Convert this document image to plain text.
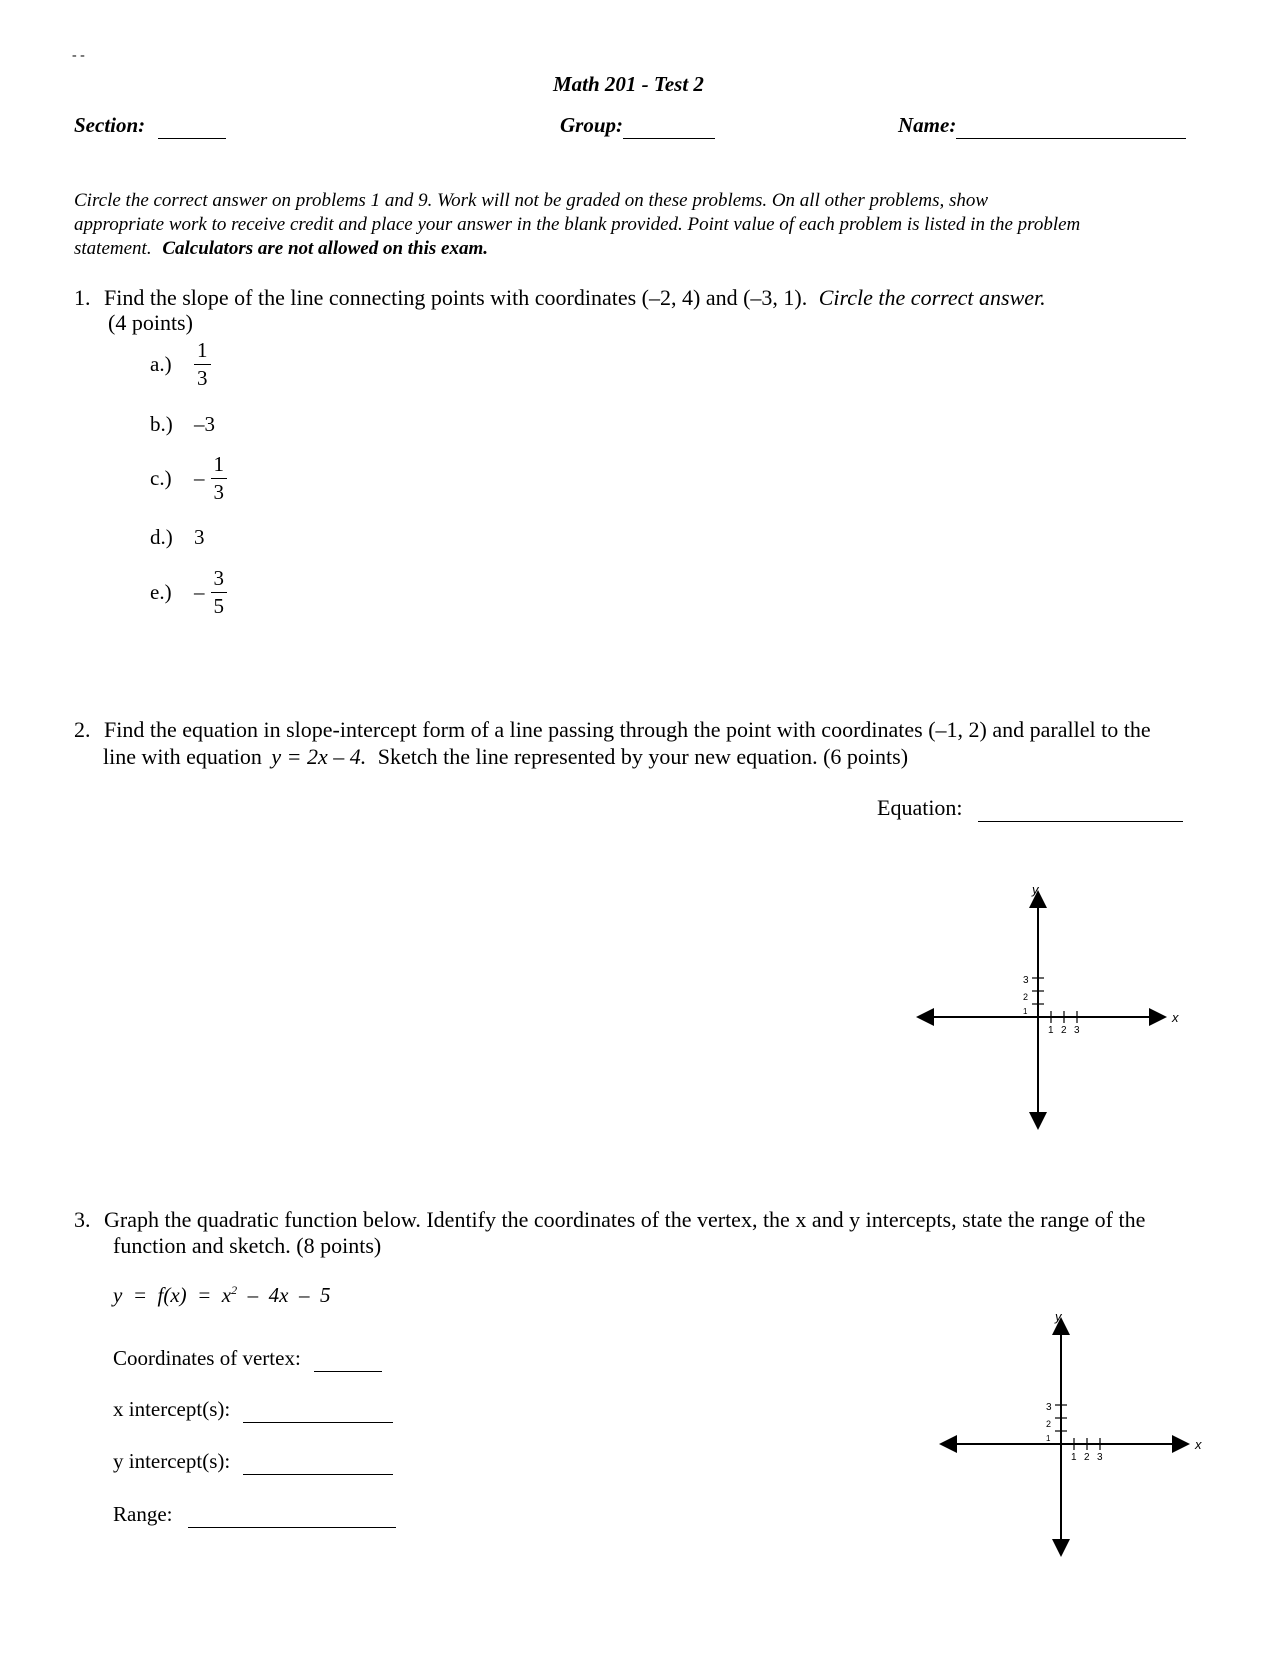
- -
Math 201 - Test 2
Section:	Group:	Name:
Circle the correct answer on problems 1 and 9. Work will not be graded on these problems. On all other problems, show
appropriate work to receive credit and place your answer in the blank provided. Point value of each problem is listed in the problem
statement. Calculators are not allowed on this exam.
1. Find the slope of the line connecting points with coordinates (–2, 4) and (–3, 1). Circle the correct answer.
(4 points)
$a.) \frac{1}{3}$
b.) –3
$c.) - \frac{1}{3}$
d.) 3
$e.) - \frac{3}{5}$
2. Find the equation in slope-intercept form of a line passing through the point with coordinates (–1, 2) and parallel to the
line with equation y = 2x – 4. Sketch the line represented by your new equation. (6 points)
Equation:
1 2 3
1
2
3
x
y
3. Graph the quadratic function below. Identify the coordinates of the vertex, the x and y intercepts, state the range of the
function and sketch. (8 points)
$y = f(x) = x^2 - 4x - 5$
Coordinates of vertex:
x intercept(s):
y intercept(s):
Range:
1 2 3
1
2
3
x
y
